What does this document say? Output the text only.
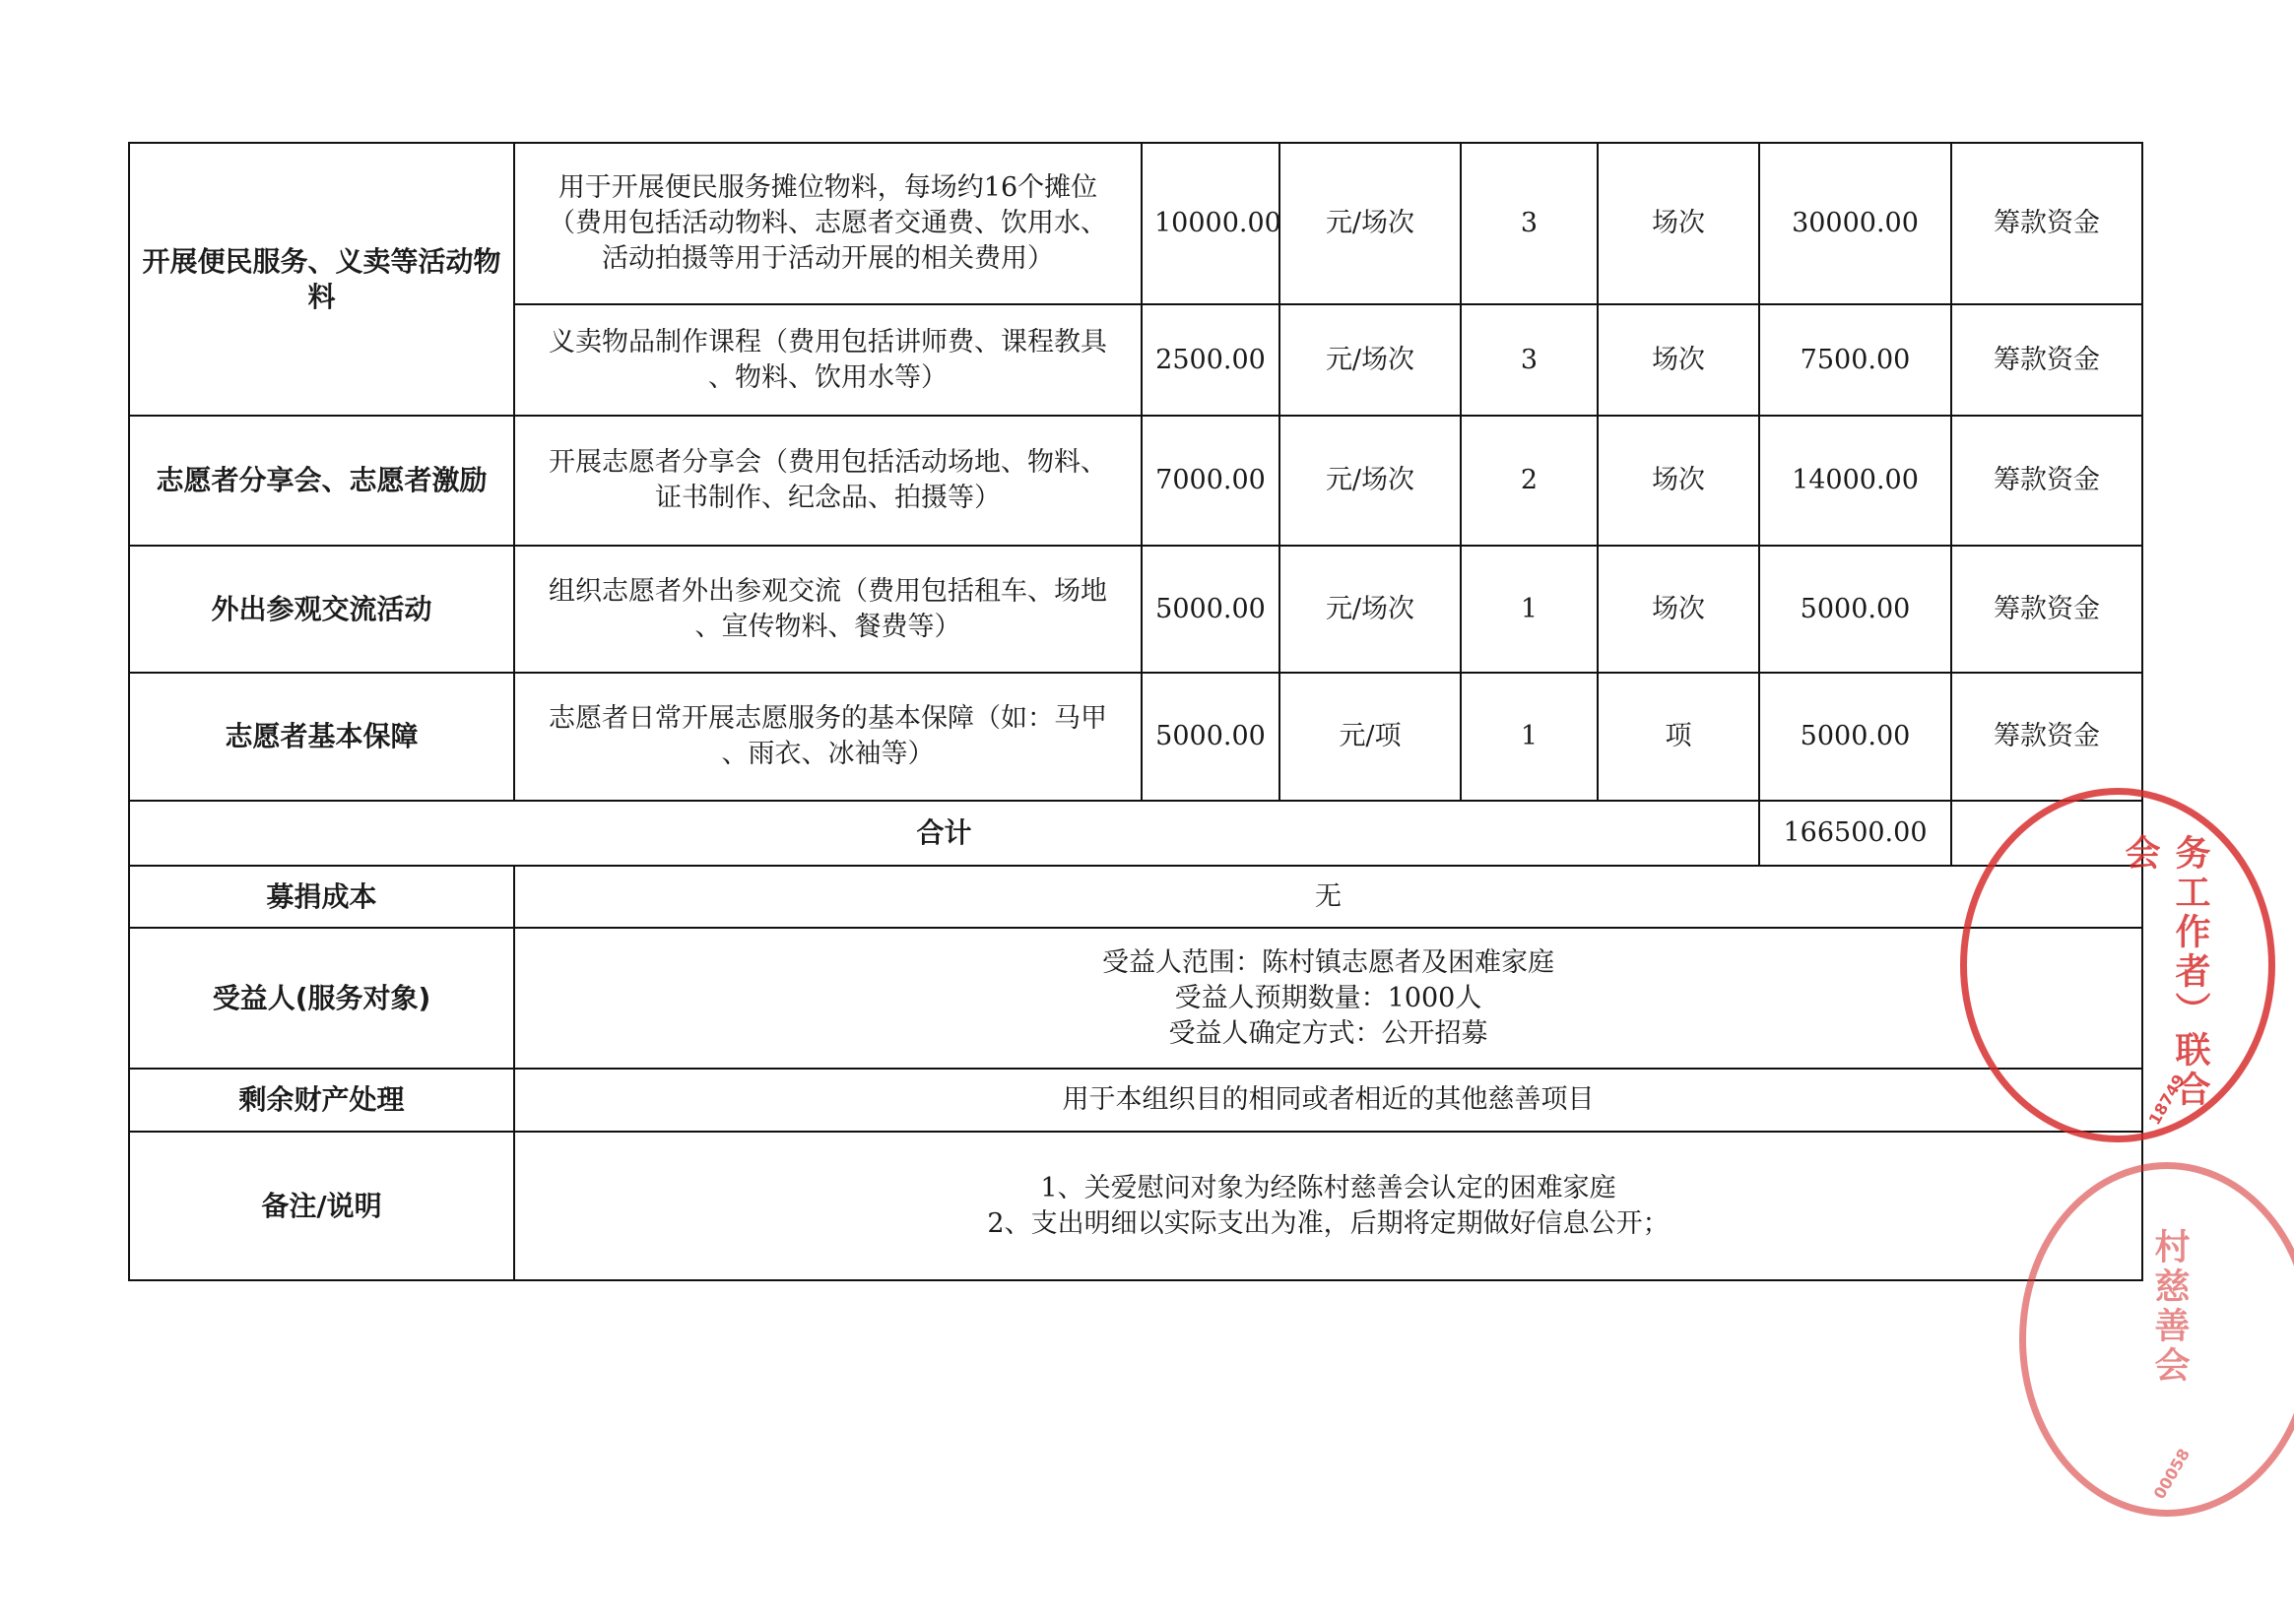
开展便民服务、义卖等活动物料	用于开展便民服务摊位物料，每场约16个摊位
（费用包括活动物料、志愿者交通费、饮用水、
活动拍摄等用于活动开展的相关费用）	10000.00	元/场次	3	场次	30000.00	筹款资金

	义卖物品制作课程（费用包括讲师费、课程教具
、物料、饮用水等）	2500.00	元/场次	3	场次	7500.00	筹款资金
志愿者分享会、志愿者激励	开展志愿者分享会（费用包括活动场地、物料、
证书制作、纪念品、拍摄等）	7000.00	元/场次	2	场次	14000.00	筹款资金
外出参观交流活动	组织志愿者外出参观交流（费用包括租车、场地
、宣传物料、餐费等）	5000.00	元/场次	1	场次	5000.00	筹款资金
志愿者基本保障	志愿者日常开展志愿服务的基本保障（如：马甲
、雨衣、冰袖等）	5000.00	元/项	1	项	5000.00	筹款资金
合计						166500.00	
募捐成本	无						
受益人(服务对象)	受益人范围：陈村镇志愿者及困难家庭
受益人预期数量：1000人
受益人确定方式：公开招募						

剩余财产处理	用于本组织目的相同或者相近的其他慈善项目						
备注/说明	1、关爱慰问对象为经陈村慈善会认定的困难家庭
2、支出明细以实际支出为准，后期将定期做好信息公开；						
务工作者）联合会
18749
村慈善会
00058
